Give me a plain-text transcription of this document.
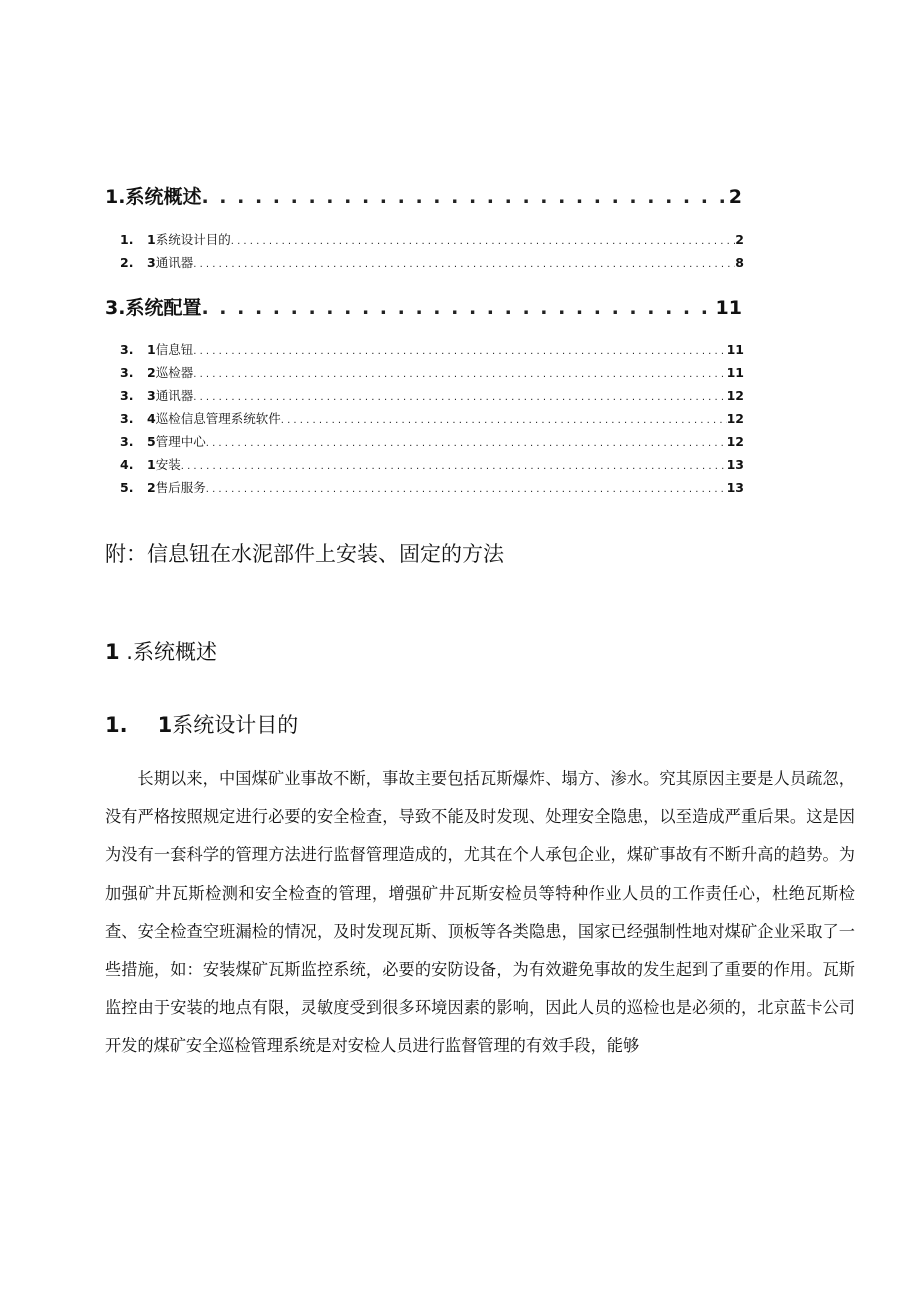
1.系统概述 . . .	2
1. 1系统设计目的 . . .	2
2. 3通讯器 . . .	8
3.系统配置 . . .	11
3. 1信息钮 . . .	11
3. 2巡检器 . . .	11
3. 3通讯器 . . .	12
3. 4巡检信息管理系统软件 . . .	12
3. 5管理中心 . . .	12
4. 1安装 . . .	13
5. 2售后服务 . . .	13
附：信息钮在水泥部件上安装、固定的方法
1 .系统概述
1. 1系统设计目的
长期以来，中国煤矿业事故不断，事故主要包括瓦斯爆炸、塌方、渗水。究其原因主要是人员疏忽，没有严格按照规定进行必要的安全检查，导致不能及时发现、处理安全隐患，以至造成严重后果。这是因为没有一套科学的管理方法进行监督管理造成的，尤其在个人承包企业，煤矿事故有不断升高的趋势。为加强矿井瓦斯检测和安全检查的管理，增强矿井瓦斯安检员等特种作业人员的工作责任心，杜绝瓦斯检查、安全检查空班漏检的情况，及时发现瓦斯、顶板等各类隐患，国家已经强制性地对煤矿企业采取了一些措施，如：安装煤矿瓦斯监控系统，必要的安防设备，为有效避免事故的发生起到了重要的作用。瓦斯监控由于安装的地点有限，灵敏度受到很多环境因素的影响，因此人员的巡检也是必须的，北京蓝卡公司开发的煤矿安全巡检管理系统是对安检人员进行监督管理的有效手段，能够
